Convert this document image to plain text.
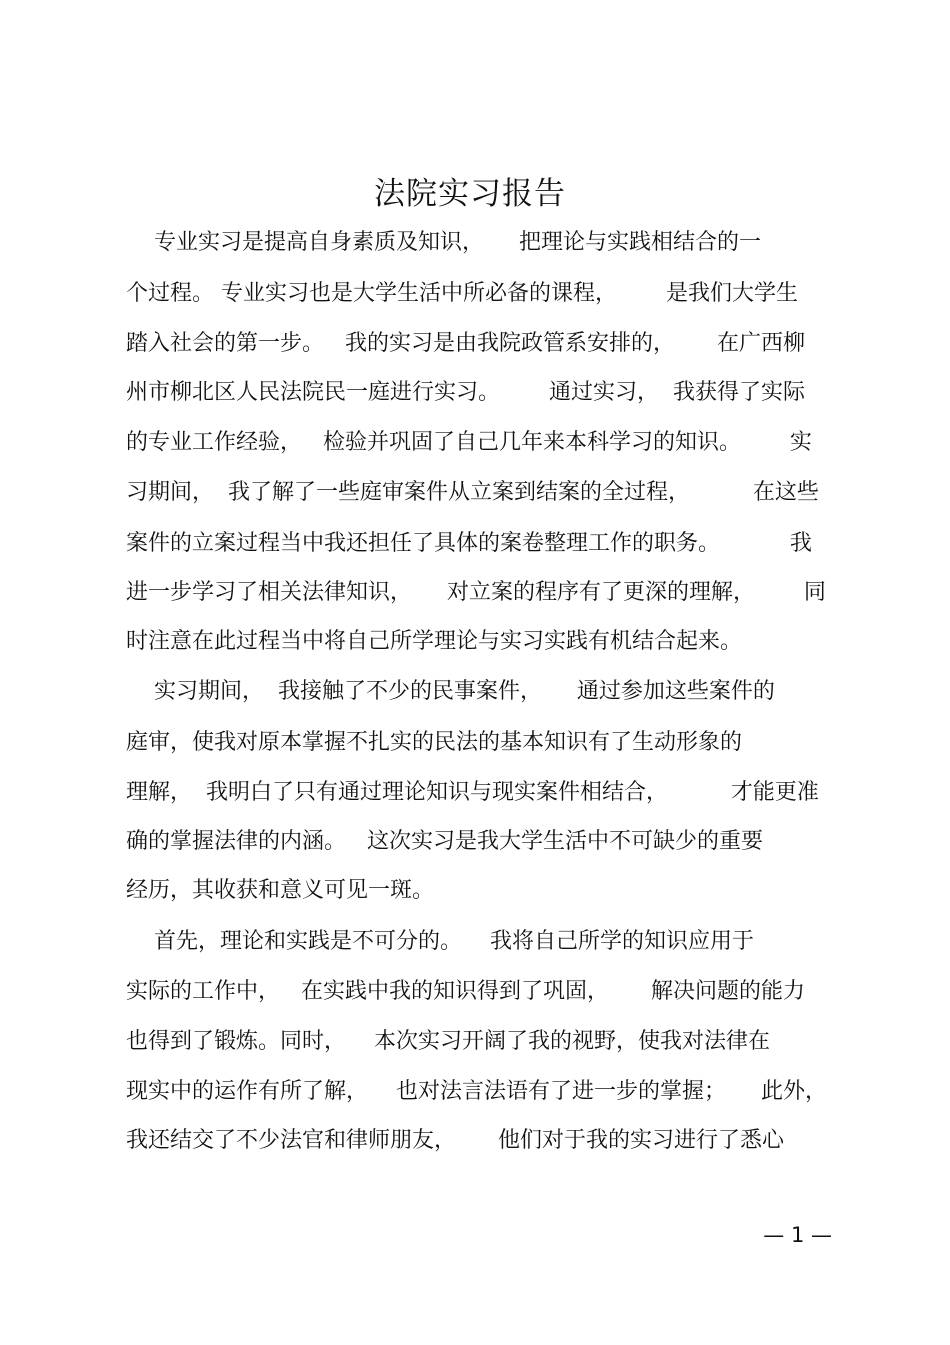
法院实习报告

专业实习是提高自身素质及知识，     把理论与实践相结合的一

个过程。 专业实习也是大学生活中所必备的课程，       是我们大学生

踏入社会的第一步。   我的实习是由我院政管系安排的，      在广西柳

州市柳北区人民法院民一庭进行实习。       通过实习，  我获得了实际

的专业工作经验，   检验并巩固了自己几年来本科学习的知识。       实

习期间，  我了解了一些庭审案件从立案到结案的全过程，         在这些

案件的立案过程当中我还担任了具体的案卷整理工作的职务。          我

进一步学习了相关法律知识，     对立案的程序有了更深的理解，       同

时注意在此过程当中将自己所学理论与实习实践有机结合起来。

实习期间，  我接触了不少的民事案件，     通过参加这些案件的

庭审，使我对原本掌握不扎实的民法的基本知识有了生动形象的

理解，  我明白了只有通过理论知识与现实案件相结合，         才能更准

确的掌握法律的内涵。   这次实习是我大学生活中不可缺少的重要

经历，其收获和意义可见一斑。

首先，理论和实践是不可分的。    我将自己所学的知识应用于

实际的工作中，   在实践中我的知识得到了巩固，      解决问题的能力

也得到了锻炼。同时，    本次实习开阔了我的视野，使我对法律在

现实中的运作有所了解，    也对法言法语有了进一步的掌握；     此外，

我还结交了不少法官和律师朋友，      他们对于我的实习进行了悉心

— 1 —
